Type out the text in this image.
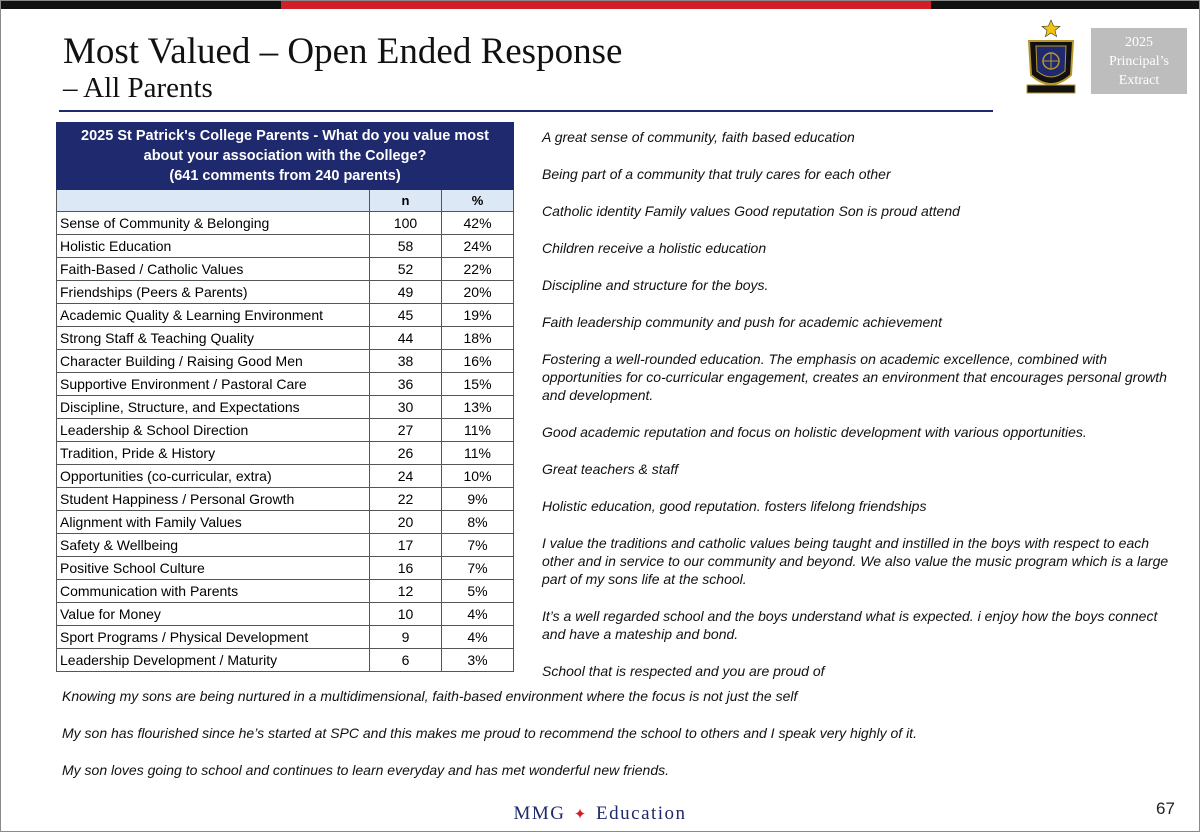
Most Valued – Open Ended Response
– All Parents
2025
Principal’s
Extract
2025 St Patrick's College Parents - What do you value most
about your association with the College?
(641 comments from 240 parents)		

	n	%
Sense of Community & Belonging	100	42%
Holistic Education	58	24%
Faith-Based / Catholic Values	52	22%
Friendships (Peers & Parents)	49	20%
Academic Quality & Learning Environment	45	19%
Strong Staff & Teaching Quality	44	18%
Character Building / Raising Good Men	38	16%
Supportive Environment / Pastoral Care	36	15%
Discipline, Structure, and Expectations	30	13%
Leadership & School Direction	27	11%
Tradition, Pride & History	26	11%
Opportunities (co-curricular, extra)	24	10%
Student Happiness / Personal Growth	22	9%
Alignment with Family Values	20	8%
Safety & Wellbeing	17	7%
Positive School Culture	16	7%
Communication with Parents	12	5%
Value for Money	10	4%
Sport Programs / Physical Development	9	4%
Leadership Development / Maturity	6	3%

A great sense of community, faith based education

Being part of a community that truly cares for each other

Catholic identity Family values Good reputation Son is proud attend

Children receive a holistic education

Discipline and structure for the boys.

Faith leadership community and push for academic achievement

Fostering a well-rounded education. The emphasis on academic excellence, combined with opportunities for co-curricular engagement, creates an environment that encourages personal growth and development.

Good academic reputation and focus on holistic development with various opportunities.

Great teachers & staff

Holistic education, good reputation. fosters lifelong friendships

I value the traditions and catholic values being taught and instilled in the boys with respect to each other and in service to our community and beyond. We also value the music program which is a large part of my sons life at the school.

It’s a well regarded school and the boys understand what is expected. i enjoy how the boys connect and have a mateship and bond.

School that is respected and you are proud of

Knowing my sons are being nurtured in a multidimensional, faith-based environment where the focus is not just the self

My son has flourished since he’s started at SPC and this makes me proud to recommend the school to others and I speak very highly of it.

My son loves going to school and continues to learn everyday and has met wonderful new friends.

MMG ✦ Education	67
